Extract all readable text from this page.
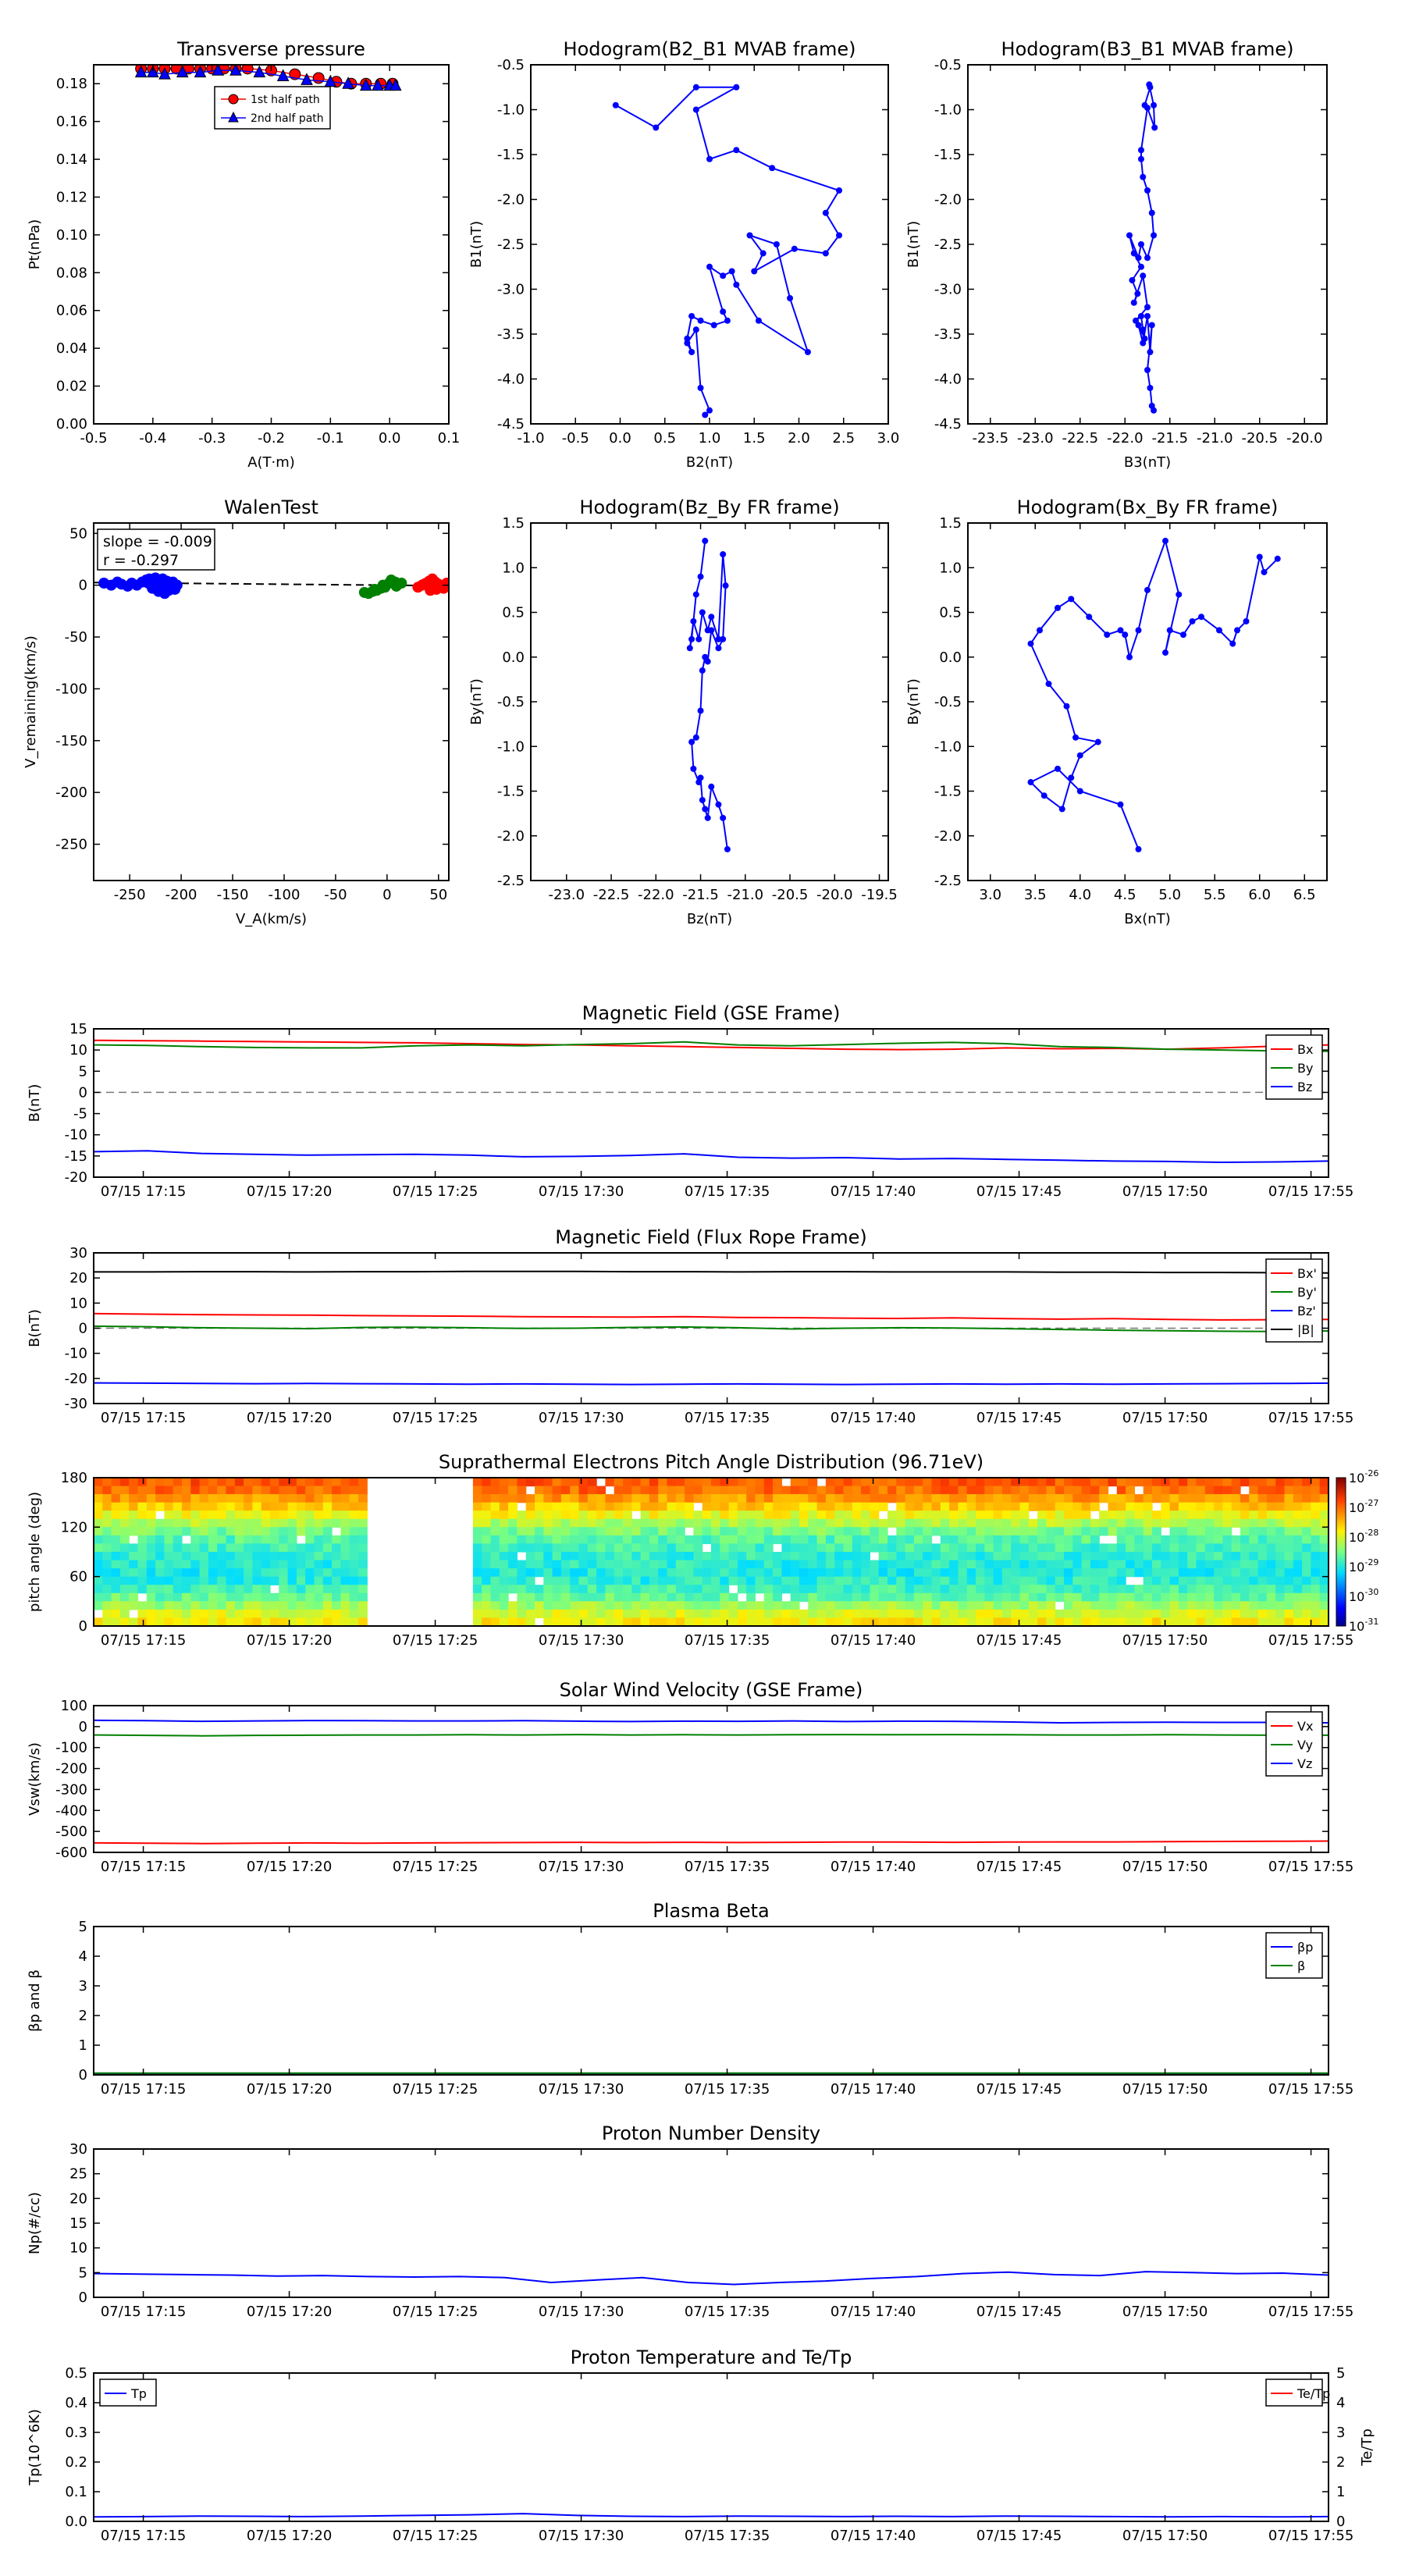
Transverse pressure
-0.5 -0.4 -0.3 -0.2 -0.1 0.0	0.1
0.00
0.02
0.04
0.06
0.08
0.10
0.12
0.14
0.16
0.18
A(T·m)
Pt(nPa)
1st half path
2nd half path
Hodogram(B2_B1 MVAB frame)
-1.0 -0.5 0.0 0.5 1.0 1.5 2.0 2.5 3.0
-4.5
-4.0
-3.5
-3.0
-2.5
-2.0
-1.5
-1.0
-0.5
B2(nT)
B1(nT)
Hodogram(B3_B1 MVAB frame)
-23.5 -23.0 -22.5 -22.0 -21.5 -21.0 -20.5 -20.0
-4.5
-4.0
-3.5
-3.0
-2.5
-2.0
-1.5
-1.0
-0.5
B3(nT)
B1(nT)
Hodogram(Bz_By FR frame)
-23.0 -22.5 -22.0 -21.5 -21.0 -20.5 -20.0 -19.5
-2.5
-2.0
-1.5
-1.0
-0.5
0.0
0.5
1.0
1.5
Bz(nT)
By(nT)
Hodogram(Bx_By FR frame)
3.0 3.5 4.0 4.5 5.0 5.5 6.0 6.5
-2.5
-2.0
-1.5
-1.0
-0.5
0.0
0.5
1.0
1.5
Bx(nT)
By(nT)
WalenTest
-250 -200 -150 -100 -50	0	50
-250
-200
-150
-100
-50
0
50
V_A(km/s)
V_remaining(km/s)
slope = -0.009
r = -0.297
Magnetic Field (GSE Frame)
07/15 17:15	07/15 17:20	07/15 17:25	07/15 17:30	07/15 17:35	07/15 17:40	07/15 17:45	07/15 17:50	07/15 17:55
-20
-15
-10
-5
0
5
10
15
B(nT)
Bx
By
Bz
Magnetic Field (Flux Rope Frame)
07/15 17:15	07/15 17:20	07/15 17:25	07/15 17:30	07/15 17:35	07/15 17:40	07/15 17:45	07/15 17:50	07/15 17:55
-30
-20
-10
0
10
20
30
B(nT)
Bx'
By'
Bz'
|B|
Suprathermal Electrons Pitch Angle Distribution (96.71eV)
07/15 17:15	07/15 17:20	07/15 17:25	07/15 17:30	07/15 17:35	07/15 17:40	07/15 17:45	07/15 17:50	07/15 17:55
0
60
120
180
pitch angle (deg)
$10^{-31}$
$10^{-30}$
$10^{-29}$
$10^{-28}$
$10^{-27}$
$10^{-26}$
Solar Wind Velocity (GSE Frame)
07/15 17:15	07/15 17:20	07/15 17:25	07/15 17:30	07/15 17:35	07/15 17:40	07/15 17:45	07/15 17:50	07/15 17:55
-600
-500
-400
-300
-200
-100
0
100
Vsw(km/s)
Vx
Vy
Vz
Plasma Beta
07/15 17:15	07/15 17:20	07/15 17:25	07/15 17:30	07/15 17:35	07/15 17:40	07/15 17:45	07/15 17:50	07/15 17:55
0
1
2
3
4
5
βp and β
βp
β
Proton Number Density
07/15 17:15	07/15 17:20	07/15 17:25	07/15 17:30	07/15 17:35	07/15 17:40	07/15 17:45	07/15 17:50	07/15 17:55
0
5
10
15
20
25
30
Np(#/cc)
Proton Temperature and Te/Tp
07/15 17:15	07/15 17:20	07/15 17:25	07/15 17:30	07/15 17:35	07/15 17:40	07/15 17:45	07/15 17:50	07/15 17:55
0.0
0.1
0.2
0.3
0.4
0.5
Tp(10^6K)
0
1
2
3
4
5
Te/Tp
Tp	Te/Tp
